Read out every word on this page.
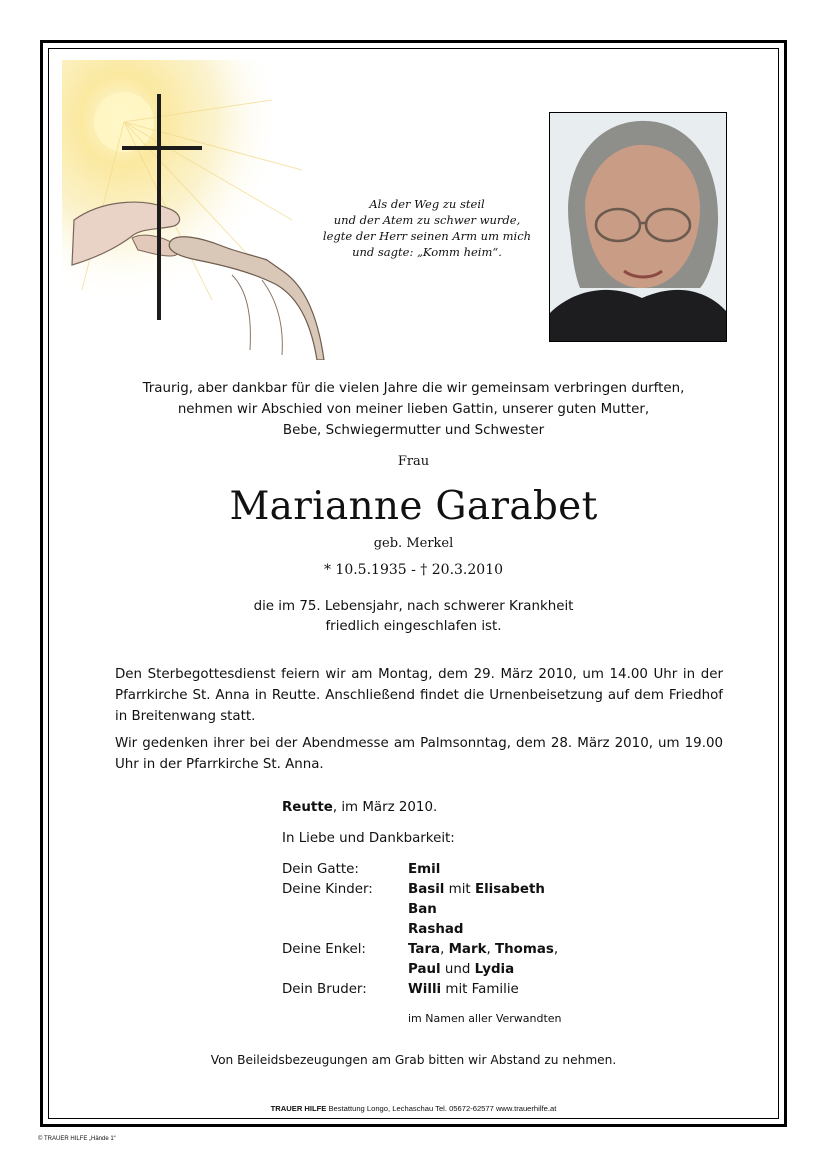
Als der Weg zu steil
und der Atem zu schwer wurde,
legte der Herr seinen Arm um mich
und sagte: „Komm heim“.
Traurig, aber dankbar für die vielen Jahre die wir gemeinsam verbringen durften,
nehmen wir Abschied von meiner lieben Gattin, unserer guten Mutter,
Bebe, Schwiegermutter und Schwester
Frau
Marianne Garabet
geb. Merkel
* 10.5.1935 - † 20.3.2010
die im 75. Lebensjahr, nach schwerer Krankheit
friedlich eingeschlafen ist.
Den Sterbegottesdienst feiern wir am Montag, dem 29. März 2010, um 14.00 Uhr in der Pfarrkirche St. Anna in Reutte. Anschließend findet die Urnenbeisetzung auf dem Friedhof in Breitenwang statt.
Wir gedenken ihrer bei der Abendmesse am Palmsonntag, dem 28. März 2010, um 19.00 Uhr in der Pfarrkirche St. Anna.
Reutte, im März 2010.
In Liebe und Dankbarkeit:
Dein Gatte:	Emil
Deine Kinder:	Basil mit Elisabeth
Ban
Rashad
Deine Enkel:	Tara, Mark, Thomas,
Paul und Lydia
Dein Bruder:	Willi mit Familie
im Namen aller Verwandten
Von Beileidsbezeugungen am Grab bitten wir Abstand zu nehmen.
TRAUER HILFE Bestattung Longo, Lechaschau Tel. 05672-62577 www.trauerhilfe.at
© TRAUER HILFE „Hände 1“
